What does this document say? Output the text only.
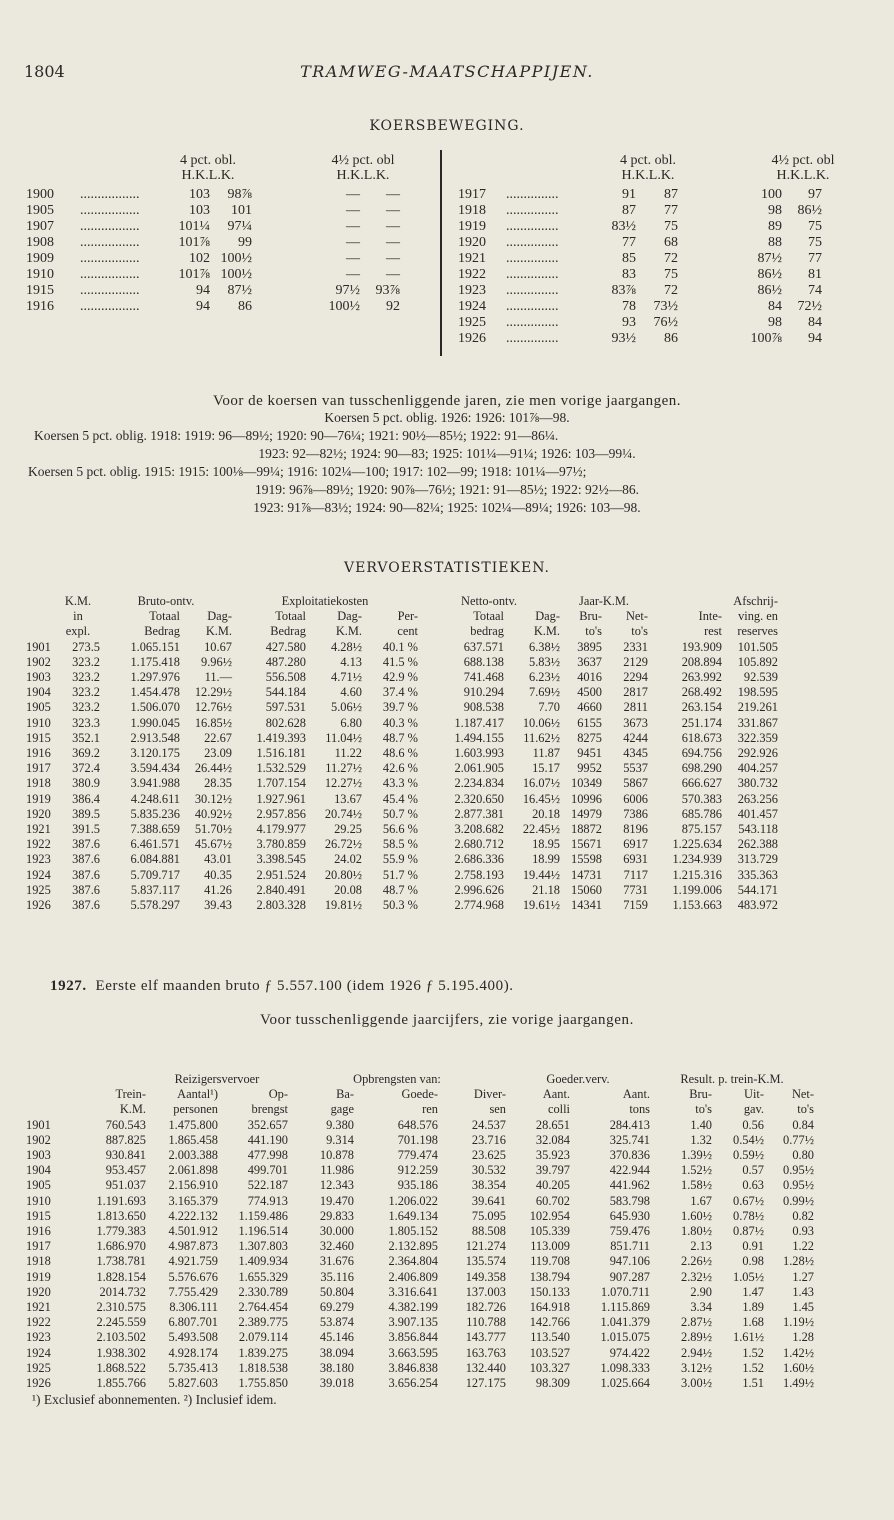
1804	TRAMWEG-MAATSCHAPPIJEN.
KOERSBEWEGING.
4 pct. obl.
H.K.L.K.
4½ pct. obl
H.K.L.K.
4 pct. obl.
H.K.L.K.
4½ pct. obl
H.K.L.K.
1900	.................	103	98⅞	—	—
1905	.................	103	101	—	—
1907	.................	101¼	97¼	—	—
1908	.................	101⅞	99	—	—
1909	.................	102	100½	—	—
1910	.................	101⅞	100½	—	—
1915	.................	94	87½	97½	93⅞
1916	.................	94	86	100½	92
1917	...............	91	87	100	97
1918	...............	87	77	98	86½
1919	...............	83½	75	89	75
1920	...............	77	68	88	75
1921	...............	85	72	87½	77
1922	...............	83	75	86½	81
1923	...............	83⅞	72	86½	74
1924	...............	78	73½	84	72½
1925	...............	93	76½	98	84
1926	...............	93½	86	100⅞	94
Voor de koersen van tusschenliggende jaren, zie men vorige jaargangen.
Koersen 5 pct. oblig. 1926: 1926: 101⅞—98.
Koersen 5 pct. oblig. 1918: 1919: 96—89½; 1920: 90—76¼; 1921: 90½—85½; 1922: 91—86¼.
1923: 92—82½; 1924: 90—83; 1925: 101¼—91¼; 1926: 103—99¼.
Koersen 5 pct. oblig. 1915: 1915: 100⅛—99¼; 1916: 102¼—100; 1917: 102—99; 1918: 101¼—97½;
1919: 96⅞—89½; 1920: 90⅞—76½; 1921: 91—85½; 1922: 92½—86.
1923: 91⅞—83½; 1924: 90—82¼; 1925: 102¼—89¼; 1926: 103—98.
VERVOERSTATISTIEKEN.
	K.M.	Bruto-ontv.		Exploitatiekosten			Netto-ontv.		Jaar-K.M.		Afschrij-	
	in	Totaal	Dag-	Totaal	Dag-	Per-	Totaal	Dag-	Bru-	Net-	Inte-	ving. en
	expl.	Bedrag	K.M.	Bedrag	K.M.	cent	bedrag	K.M.	to's	to's	rest	reserves
1901	273.5	1.065.151	10.67	427.580	4.28½	40.1 %	637.571	6.38½	3895	2331	193.909	101.505
1902	323.2	1.175.418	9.96½	487.280	4.13	41.5 %	688.138	5.83½	3637	2129	208.894	105.892
1903	323.2	1.297.976	11.—	556.508	4.71½	42.9 %	741.468	6.23½	4016	2294	263.992	92.539
1904	323.2	1.454.478	12.29½	544.184	4.60	37.4 %	910.294	7.69½	4500	2817	268.492	198.595
1905	323.2	1.506.070	12.76½	597.531	5.06½	39.7 %	908.538	7.70	4660	2811	263.154	219.261
1910	323.3	1.990.045	16.85½	802.628	6.80	40.3 %	1.187.417	10.06½	6155	3673	251.174	331.867
1915	352.1	2.913.548	22.67	1.419.393	11.04½	48.7 %	1.494.155	11.62½	8275	4244	618.673	322.359
1916	369.2	3.120.175	23.09	1.516.181	11.22	48.6 %	1.603.993	11.87	9451	4345	694.756	292.926
1917	372.4	3.594.434	26.44½	1.532.529	11.27½	42.6 %	2.061.905	15.17	9952	5537	698.290	404.257
1918	380.9	3.941.988	28.35	1.707.154	12.27½	43.3 %	2.234.834	16.07½	10349	5867	666.627	380.732
1919	386.4	4.248.611	30.12½	1.927.961	13.67	45.4 %	2.320.650	16.45½	10996	6006	570.383	263.256
1920	389.5	5.835.236	40.92½	2.957.856	20.74½	50.7 %	2.877.381	20.18	14979	7386	685.786	401.457
1921	391.5	7.388.659	51.70½	4.179.977	29.25	56.6 %	3.208.682	22.45½	18872	8196	875.157	543.118
1922	387.6	6.461.571	45.67½	3.780.859	26.72½	58.5 %	2.680.712	18.95	15671	6917	1.225.634	262.388
1923	387.6	6.084.881	43.01	3.398.545	24.02	55.9 %	2.686.336	18.99	15598	6931	1.234.939	313.729
1924	387.6	5.709.717	40.35	2.951.524	20.80½	51.7 %	2.758.193	19.44½	14731	7117	1.215.316	335.363
1925	387.6	5.837.117	41.26	2.840.491	20.08	48.7 %	2.996.626	21.18	15060	7731	1.199.006	544.171
1926	387.6	5.578.297	39.43	2.803.328	19.81½	50.3 %	2.774.968	19.61½	14341	7159	1.153.663	483.972
1927. Eerste elf maanden bruto ƒ 5.557.100 (idem 1926 ƒ 5.195.400).
Voor tusschenliggende jaarcijfers, zie vorige jaargangen.
		Reizigersvervoer		Opbrengsten van:			Goeder.verv.		Result. p. trein-K.M.		
	Trein-	Aantal¹)	Op-	Ba-	Goede-	Diver-	Aant.	Aant.	Bru-	Uit-	Net-
	K.M.	personen	brengst	gage	ren	sen	colli	tons	to's	gav.	to's
1901	760.543	1.475.800	352.657	9.380	648.576	24.537	28.651	284.413	1.40	0.56	0.84
1902	887.825	1.865.458	441.190	9.314	701.198	23.716	32.084	325.741	1.32	0.54½	0.77½
1903	930.841	2.003.388	477.998	10.878	779.474	23.625	35.923	370.836	1.39½	0.59½	0.80
1904	953.457	2.061.898	499.701	11.986	912.259	30.532	39.797	422.944	1.52½	0.57	0.95½
1905	951.037	2.156.910	522.187	12.343	935.186	38.354	40.205	441.962	1.58½	0.63	0.95½
1910	1.191.693	3.165.379	774.913	19.470	1.206.022	39.641	60.702	583.798	1.67	0.67½	0.99½
1915	1.813.650	4.222.132	1.159.486	29.833	1.649.134	75.095	102.954	645.930	1.60½	0.78½	0.82
1916	1.779.383	4.501.912	1.196.514	30.000	1.805.152	88.508	105.339	759.476	1.80½	0.87½	0.93
1917	1.686.970	4.987.873	1.307.803	32.460	2.132.895	121.274	113.009	851.711	2.13	0.91	1.22
1918	1.738.781	4.921.759	1.409.934	31.676	2.364.804	135.574	119.708	947.106	2.26½	0.98	1.28½
1919	1.828.154	5.576.676	1.655.329	35.116	2.406.809	149.358	138.794	907.287	2.32½	1.05½	1.27
1920	2014.732	7.755.429	2.330.789	50.804	3.316.641	137.003	150.133	1.070.711	2.90	1.47	1.43
1921	2.310.575	8.306.111	2.764.454	69.279	4.382.199	182.726	164.918	1.115.869	3.34	1.89	1.45
1922	2.245.559	6.807.701	2.389.775	53.874	3.907.135	110.788	142.766	1.041.379	2.87½	1.68	1.19½
1923	2.103.502	5.493.508	2.079.114	45.146	3.856.844	143.777	113.540	1.015.075	2.89½	1.61½	1.28
1924	1.938.302	4.928.174	1.839.275	38.094	3.663.595	163.763	103.527	974.422	2.94½	1.52	1.42½
1925	1.868.522	5.735.413	1.818.538	38.180	3.846.838	132.440	103.327	1.098.333	3.12½	1.52	1.60½
1926	1.855.766	5.827.603	1.755.850	39.018	3.656.254	127.175	98.309	1.025.664	3.00½	1.51	1.49½
¹) Exclusief abonnementen. ²) Inclusief idem.											
